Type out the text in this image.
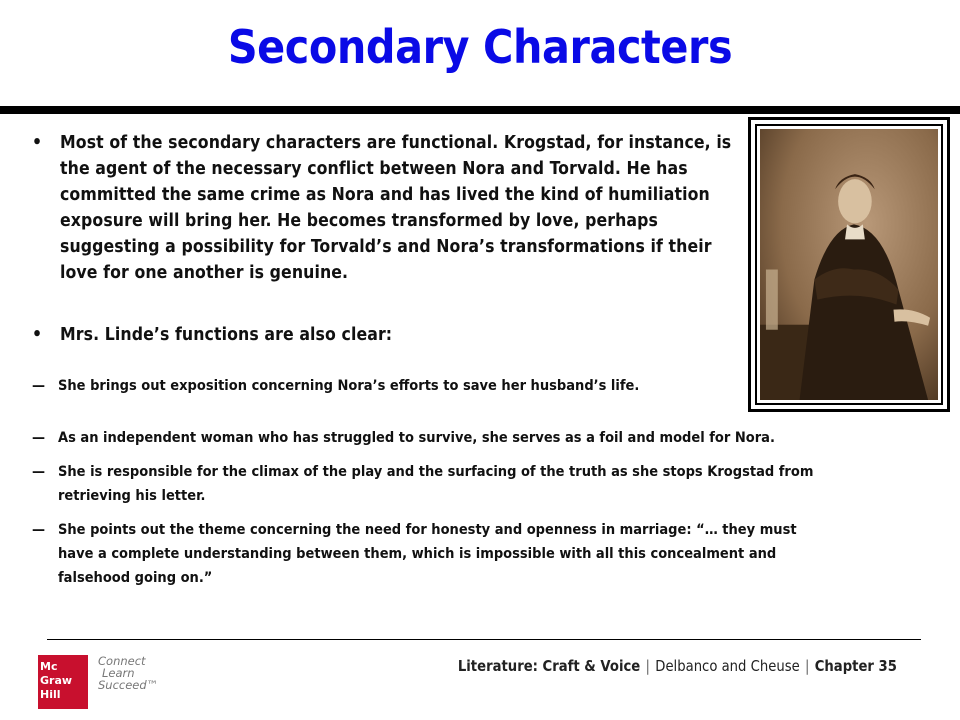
Secondary Characters
• Most of the secondary characters are functional. Krogstad, for instance, is the agent of the necessary conflict between Nora and Torvald. He has committed the same crime as Nora and has lived the kind of humiliation exposure will bring her. He becomes transformed by love, perhaps suggesting a possibility for Torvald’s and Nora’s transformations if their love for one another is genuine.
• Mrs. Linde’s functions are also clear:
— She brings out exposition concerning Nora’s efforts to save her husband’s life.
— As an independent woman who has struggled to survive, she serves as a foil and model for Nora.
— She is responsible for the climax of the play and the surfacing of the truth as she stops Krogstad from retrieving his letter.
— She points out the theme concerning the need for honesty and openness in marriage: “… they must have a complete understanding between them, which is impossible with all this concealment and falsehood going on.”
Mc
Graw
Hill
Connect
Learn
Succeed™
Literature: Craft & Voice | Delbanco and Cheuse | Chapter 35
